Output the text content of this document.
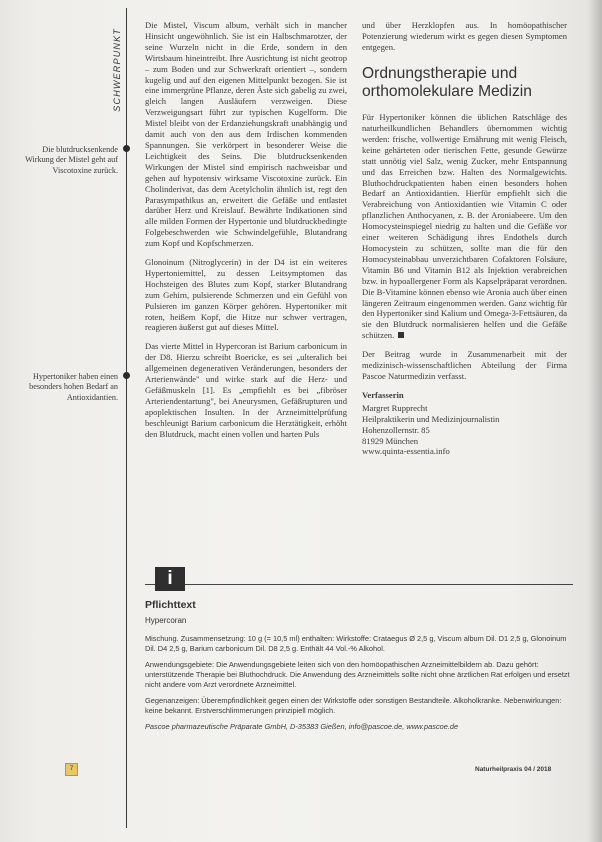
SCHWERPUNKT
Die blutdrucksenkende Wirkung der Mistel geht auf Viscotoxine zurück.
Hypertoniker haben einen besonders hohen Bedarf an Antioxidantien.

Die Mistel, Viscum album, verhält sich in mancher Hinsicht ungewöhnlich. Sie ist ein Halbschmarotzer, der seine Wurzeln nicht in die Erde, sondern in den Wirtsbaum hineintreibt. Ihre Ausrichtung ist nicht geotrop – zum Boden und zur Schwerkraft orientiert –, sondern kugelig und auf den eigenen Mittelpunkt bezogen. Sie ist eine immergrüne Pflanze, deren Äste sich gabelig zu zwei, gleich langen Ausläufern verzweigen. Diese Verzweigungsart führt zur typischen Kugelform. Die Mistel bleibt von der Erdanziehungskraft unabhängig und damit auch von den aus dem Irdischen kommenden Spannungen. Sie verkörpert in besonderer Weise die Leichtigkeit des Seins. Die blutdrucksenkenden Wirkungen der Mistel sind empirisch nachweisbar und gehen auf hypotensiv wirksame Viscotoxine zurück. Ein Cholinderivat, das dem Acetylcholin ähnlich ist, regt den Parasympathikus an, erweitert die Gefäße und entlastet darüber Herz und Kreislauf. Bewährte Indikationen sind alle milden Formen der Hypertonie und blutdruckbedingte Folgebeschwerden wie Schwindelgefühle, Blutandrang zum Kopf und Kopfschmerzen.

Glonoinum (Nitroglycerin) in der D4 ist ein weiteres Hypertoniemittel, zu dessen Leitsymptomen das Hochsteigen des Blutes zum Kopf, starker Blutandrang zum Gehirn, pulsierende Schmerzen und ein Gefühl von Pulsieren im ganzen Körper gehören. Hypertoniker mit roten, heißem Kopf, die Hitze nur schwer vertragen, reagieren äußerst gut auf dieses Mittel.

Das vierte Mittel in Hypercoran ist Barium carbonicum in der D8. Hierzu schreibt Boericke, es sei „ulteralich bei allgemeinen degenerativen Veränderungen, besonders der Arterienwände" und wirke stark auf die Herz- und Gefäßmuskeln [1]. Es „empfiehlt es bei „fibröser Arteriendentartung", bei Aneurysmen, Gefäßrupturen und apoplektischen Insulten. In der Arzneimittelprüfung beschleunigt Barium carbonicum die Herztätigkeit, erhöht den Blutdruck, macht einen vollen und harten Puls

und über Herzklopfen aus. In homöopathischer Potenzierung wiederum wirkt es gegen diesen Symptomen entgegen.

Ordnungstherapie und orthomolekulare Medizin

Für Hypertoniker können die üblichen Ratschläge des naturheilkundlichen Behandlers übernommen wichtig werden: frische, vollwertige Ernährung mit wenig Fleisch, keine gehärteten oder tierischen Fette, gesunde Gewürze statt unnötig viel Salz, wenig Zucker, mehr Entspannung und das Erreichen bzw. Halten des Normalgewichts. Bluthochdruckpatienten haben einen besonders hohen Bedarf an Antioxidantien. Hierfür empfiehlt sich die Verabreichung von Antioxidantien wie Vitamin C oder pflanzlichen Anthocyanen, z. B. der Aroniabeere. Um den Homocysteinspiegel niedrig zu halten und die Gefäße vor einer weiteren Schädigung ihres Endothels durch Homocystein zu schützen, sollte man die für den Homocysteinabbau unverzichtbaren Cofaktoren Folsäure, Vitamin B6 und Vitamin B12 als Injektion verabreichen bzw. in hypoallergener Form als Kapselpräparat verordnen. Die B-Vitamine können ebenso wie Aronia auch über einen längeren Zeitraum eingenommen werden. Ganz wichtig für den Hypertoniker sind Kalium und Omega-3-Fettsäuren, da sie den Blutdruck normalisieren helfen und die Gefäße schützen.

Der Beitrag wurde in Zusammenarbeit mit der medizinisch-wissenschaftlichen Abteilung der Firma Pascoe Naturmedizin verfasst.

Verfasserin

Margret Rupprecht

Heilpraktikerin und Medizinjournalistin

Hohenzollernstr. 85

81929 München

www.quinta-essentia.info

i
Pflichttext
Hypercoran

Mischung. Zusammensetzung: 10 g (= 10,5 ml) enthalten: Wirkstoffe: Crataegus Ø 2,5 g, Viscum album Dil. D1 2,5 g, Glonoinum Dil. D4 2,5 g, Barium carbonicum Dil. D8 2,5 g. Enthält 44 Vol.-% Alkohol.

Anwendungsgebiete: Die Anwendungsgebiete leiten sich von den homöopathischen Arzneimittelbildern ab. Dazu gehört: unterstützende Therapie bei Bluthochdruck. Die Anwendung des Arzneimittels sollte nicht ohne ärztlichen Rat erfolgen und ersetzt nicht andere vom Arzt verordnete Arzneimittel.

Gegenanzeigen: Überempfindlichkeit gegen einen der Wirkstoffe oder sonstigen Bestandteile. Alkoholkranke. Nebenwirkungen: keine bekannt. Erstverschlimmerungen prinzipiell möglich.

Pascoe pharmazeutische Präparate GmbH, D-35383 Gießen, info@pascoe.de, www.pascoe.de

7	Naturheilpraxis 04 / 2018
